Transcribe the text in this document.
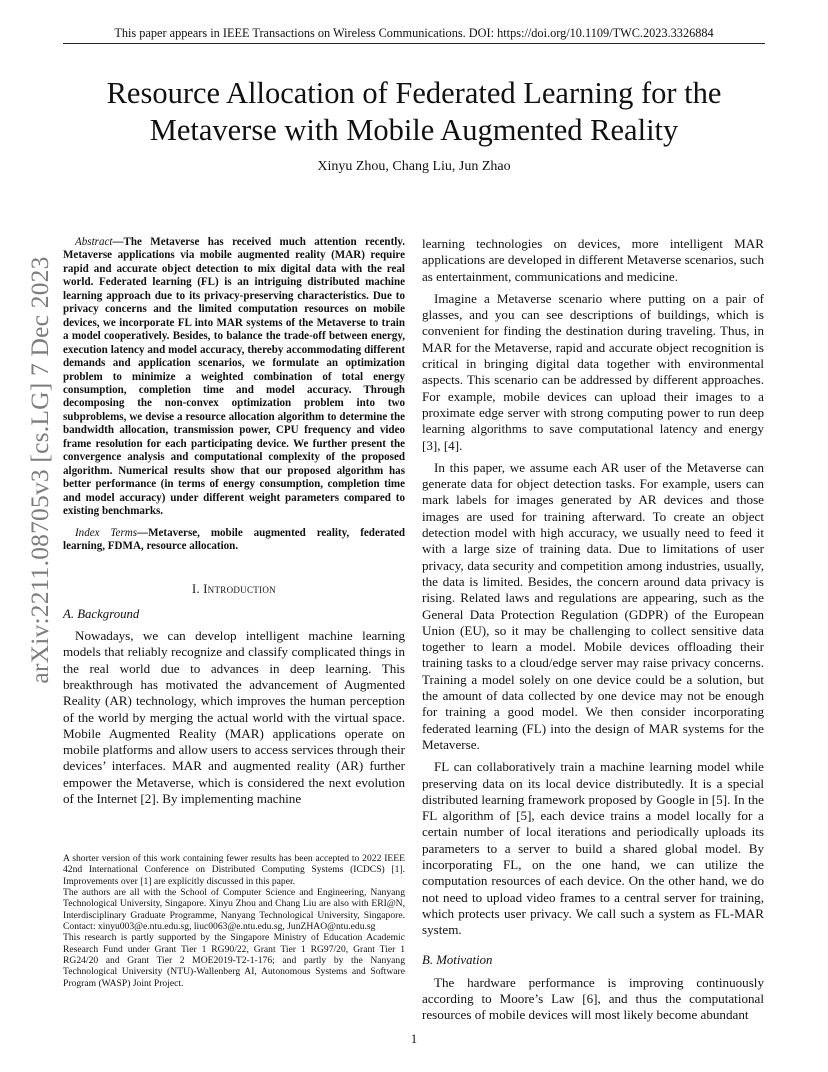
This paper appears in IEEE Transactions on Wireless Communications. DOI: https://doi.org/10.1109/TWC.2023.3326884
arXiv:2211.08705v3 [cs.LG] 7 Dec 2023
Resource Allocation of Federated Learning for the Metaverse with Mobile Augmented Reality
Xinyu Zhou, Chang Liu, Jun Zhao

Abstract—The Metaverse has received much attention recently. Metaverse applications via mobile augmented reality (MAR) require rapid and accurate object detection to mix digital data with the real world. Federated learning (FL) is an intriguing distributed machine learning approach due to its privacy-preserving characteristics. Due to privacy concerns and the limited computation resources on mobile devices, we incorporate FL into MAR systems of the Metaverse to train a model cooperatively. Besides, to balance the trade-off between energy, execution latency and model accuracy, thereby accommodating different demands and application scenarios, we formulate an optimization problem to minimize a weighted combination of total energy consumption, completion time and model accuracy. Through decomposing the non-convex optimization problem into two subproblems, we devise a resource allocation algorithm to determine the bandwidth allocation, transmission power, CPU frequency and video frame resolution for each participating device. We further present the convergence analysis and computational complexity of the proposed algorithm. Numerical results show that our proposed algorithm has better performance (in terms of energy consumption, completion time and model accuracy) under different weight parameters compared to existing benchmarks.

Index Terms—Metaverse, mobile augmented reality, federated learning, FDMA, resource allocation.

I. Introduction
A. Background

Nowadays, we can develop intelligent machine learning models that reliably recognize and classify complicated things in the real world due to advances in deep learning. This breakthrough has motivated the advancement of Augmented Reality (AR) technology, which improves the human perception of the world by merging the actual world with the virtual space. Mobile Augmented Reality (MAR) applications operate on mobile platforms and allow users to access services through their devices’ interfaces. MAR and augmented reality (AR) further empower the Metaverse, which is considered the next evolution of the Internet [2]. By implementing machine

A shorter version of this work containing fewer results has been accepted to 2022 IEEE 42nd International Conference on Distributed Computing Systems (ICDCS) [1]. Improvements over [1] are explicitly discussed in this paper.

The authors are all with the School of Computer Science and Engineering, Nanyang Technological University, Singapore. Xinyu Zhou and Chang Liu are also with ERI@N, Interdisciplinary Graduate Programme, Nanyang Technological University, Singapore. Contact: xinyu003@e.ntu.edu.sg, liuc0063@e.ntu.edu.sg, JunZHAO@ntu.edu.sg

This research is partly supported by the Singapore Ministry of Education Academic Research Fund under Grant Tier 1 RG90/22, Grant Tier 1 RG97/20, Grant Tier 1 RG24/20 and Grant Tier 2 MOE2019-T2-1-176; and partly by the Nanyang Technological University (NTU)-Wallenberg AI, Autonomous Systems and Software Program (WASP) Joint Project.

learning technologies on devices, more intelligent MAR applications are developed in different Metaverse scenarios, such as entertainment, communications and medicine.

Imagine a Metaverse scenario where putting on a pair of glasses, and you can see descriptions of buildings, which is convenient for finding the destination during traveling. Thus, in MAR for the Metaverse, rapid and accurate object recognition is critical in bringing digital data together with environmental aspects. This scenario can be addressed by different approaches. For example, mobile devices can upload their images to a proximate edge server with strong computing power to run deep learning algorithms to save computational latency and energy [3], [4].

In this paper, we assume each AR user of the Metaverse can generate data for object detection tasks. For example, users can mark labels for images generated by AR devices and those images are used for training afterward. To create an object detection model with high accuracy, we usually need to feed it with a large size of training data. Due to limitations of user privacy, data security and competition among industries, usually, the data is limited. Besides, the concern around data privacy is rising. Related laws and regulations are appearing, such as the General Data Protection Regulation (GDPR) of the European Union (EU), so it may be challenging to collect sensitive data together to learn a model. Mobile devices offloading their training tasks to a cloud/edge server may raise privacy concerns. Training a model solely on one device could be a solution, but the amount of data collected by one device may not be enough for training a good model. We then consider incorporating federated learning (FL) into the design of MAR systems for the Metaverse.

FL can collaboratively train a machine learning model while preserving data on its local device distributedly. It is a special distributed learning framework proposed by Google in [5]. In the FL algorithm of [5], each device trains a model locally for a certain number of local iterations and periodically uploads its parameters to a server to build a shared global model. By incorporating FL, on the one hand, we can utilize the computation resources of each device. On the other hand, we do not need to upload video frames to a central server for training, which protects user privacy. We call such a system as FL-MAR system.

B. Motivation

The hardware performance is improving continuously according to Moore’s Law [6], and thus the computational resources of mobile devices will most likely become abundant

1
